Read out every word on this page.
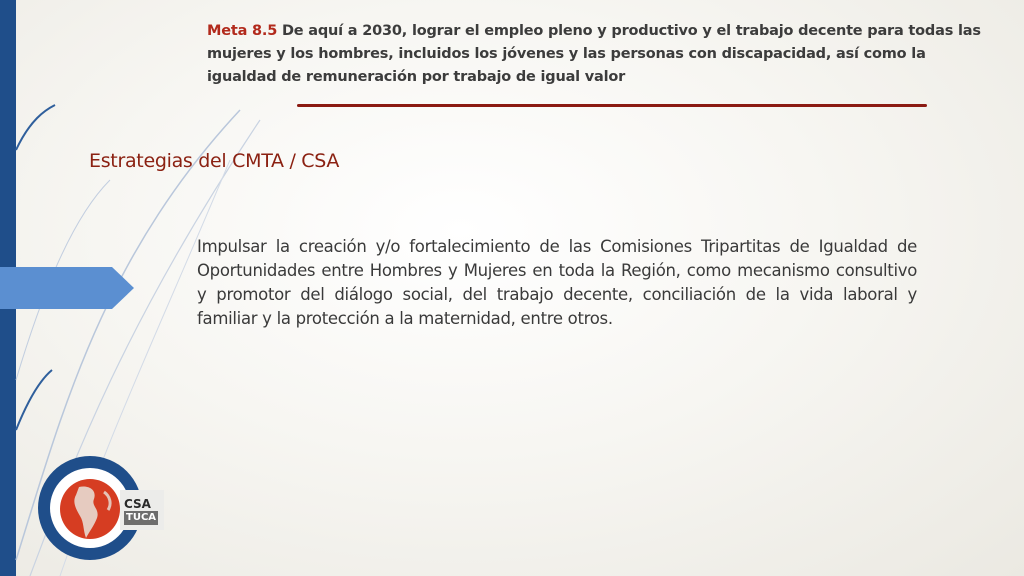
Meta 8.5 De aquí a 2030, lograr el empleo pleno y productivo y el trabajo decente para todas las mujeres y los hombres, incluidos los jóvenes y las personas con discapacidad, así como la igualdad de remuneración por trabajo de igual valor
Estrategias del CMTA / CSA

Impulsar la creación y/o fortalecimiento de las Comisiones Tripartitas de Igualdad de Oportunidades entre Hombres y Mujeres en toda la Región, como mecanismo consultivo y promotor del diálogo social, del trabajo decente, conciliación de la vida laboral y familiar y la protección a la maternidad, entre otros.

CSA
TUCA
